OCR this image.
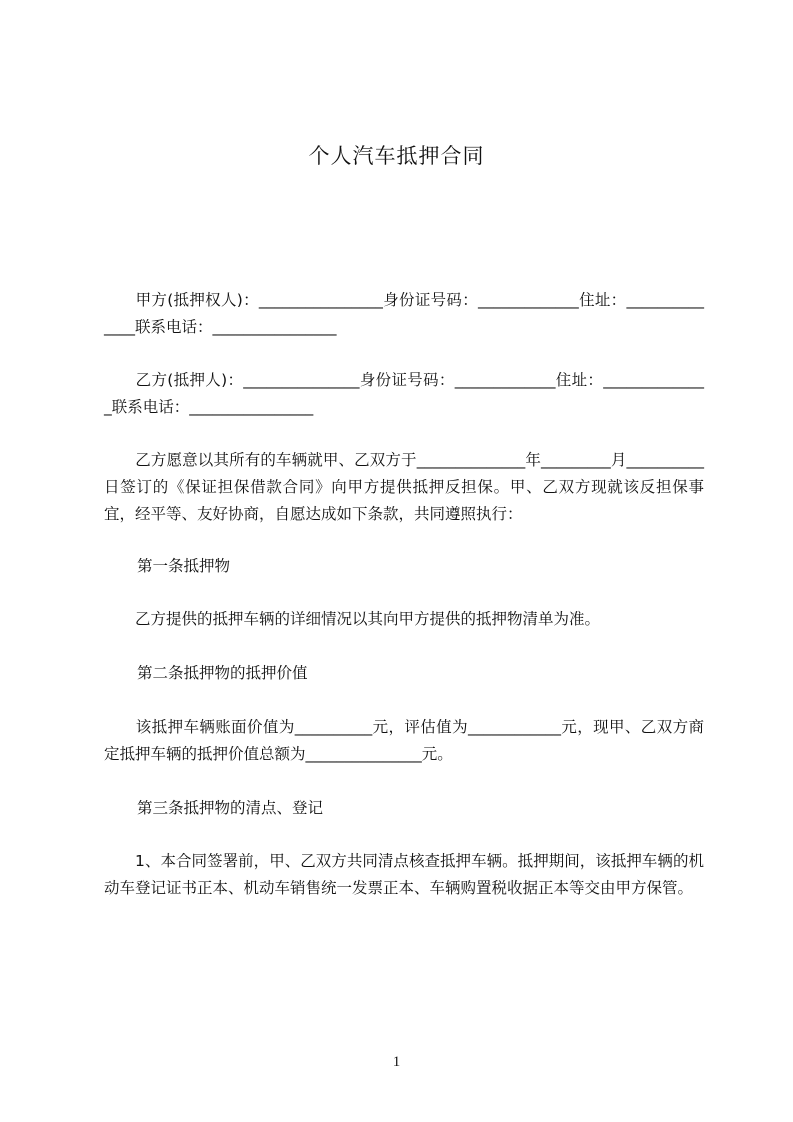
个人汽车抵押合同
　　甲方(抵押权人)：________________身份证号码：_____________住址：______________联系电话：________________
　　乙方(抵押人)：_______________身份证号码：_____________住址：______________联系电话：________________
　　乙方愿意以其所有的车辆就甲、乙双方于______________年_________月__________日签订的《保证担保借款合同》向甲方提供抵押反担保。甲、乙双方现就该反担保事宜，经平等、友好协商，自愿达成如下条款，共同遵照执行：
第一条抵押物
　　乙方提供的抵押车辆的详细情况以其向甲方提供的抵押物清单为准。
第二条抵押物的抵押价值
　　该抵押车辆账面价值为__________元，评估值为____________元，现甲、乙双方商定抵押车辆的抵押价值总额为_______________元。
第三条抵押物的清点、登记
　　1、本合同签署前，甲、乙双方共同清点核查抵押车辆。抵押期间，该抵押车辆的机动车登记证书正本、机动车销售统一发票正本、车辆购置税收据正本等交由甲方保管。
1
